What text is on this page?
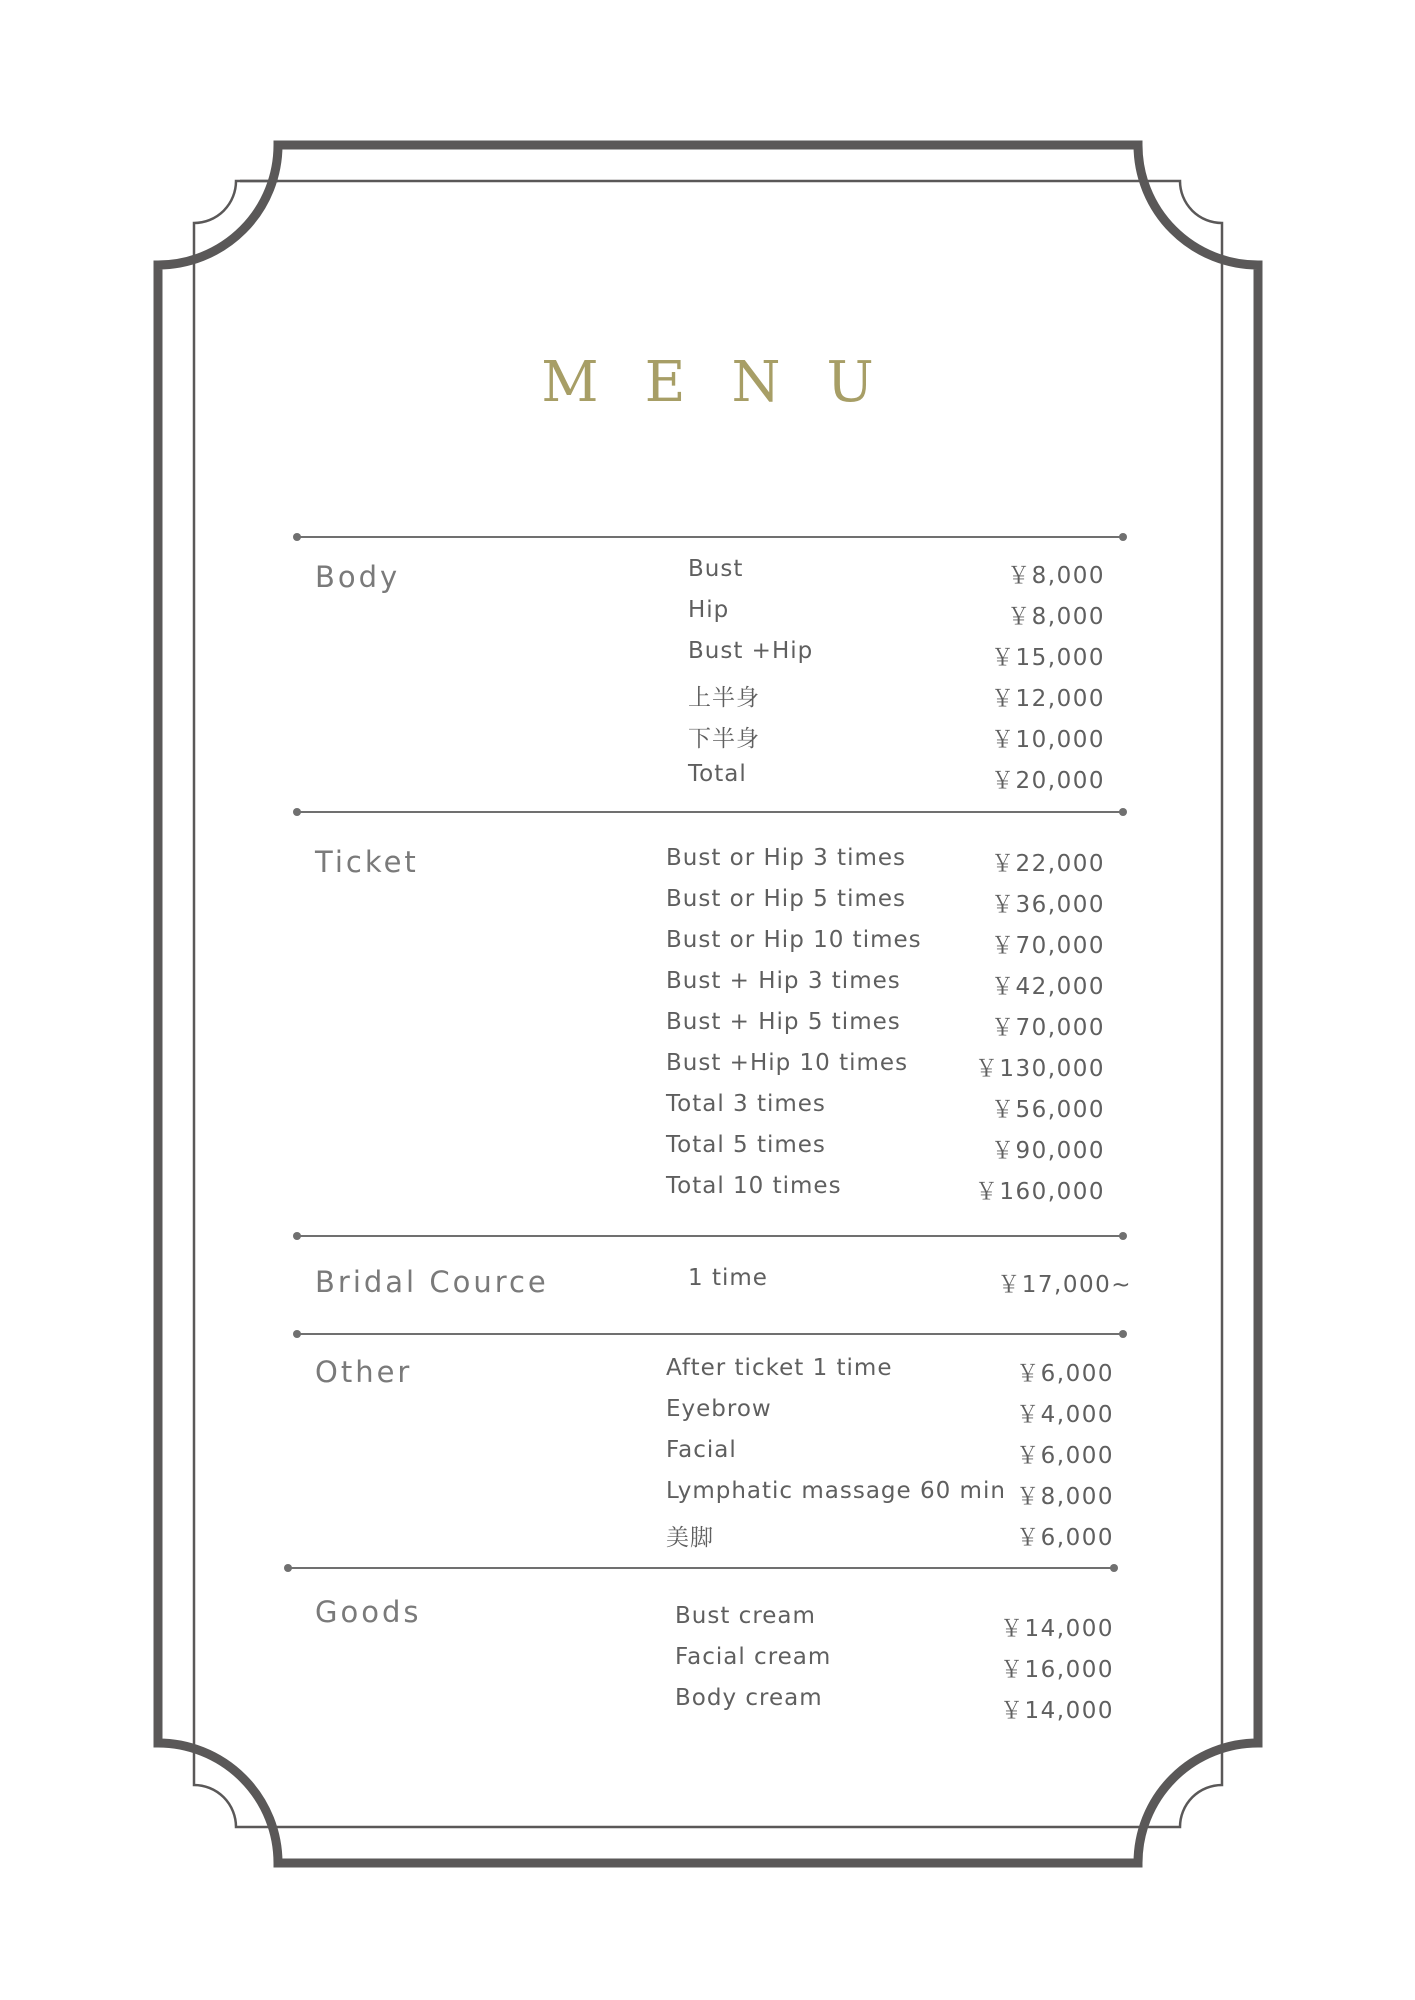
MENU
Body	Bust	￥8,000
Hip	￥8,000
Bust +Hip	￥15,000
上半身	￥12,000
下半身	￥10,000
Total	￥20,000
Ticket	Bust or Hip 3 times	￥22,000
Bust or Hip 5 times	￥36,000
Bust or Hip 10 times	￥70,000
Bust + Hip 3 times	￥42,000
Bust + Hip 5 times	￥70,000
Bust +Hip 10 times	￥130,000
Total 3 times	￥56,000
Total 5 times	￥90,000
Total 10 times	￥160,000
Bridal Cource	1 time	￥17,000~
Other	After ticket 1 time	￥6,000
Eyebrow	￥4,000
Facial	￥6,000
Lymphatic massage 60 min ￥8,000
美脚	￥6,000
Goods	Bust cream	￥14,000
Facial cream	￥16,000
Body cream	￥14,000
